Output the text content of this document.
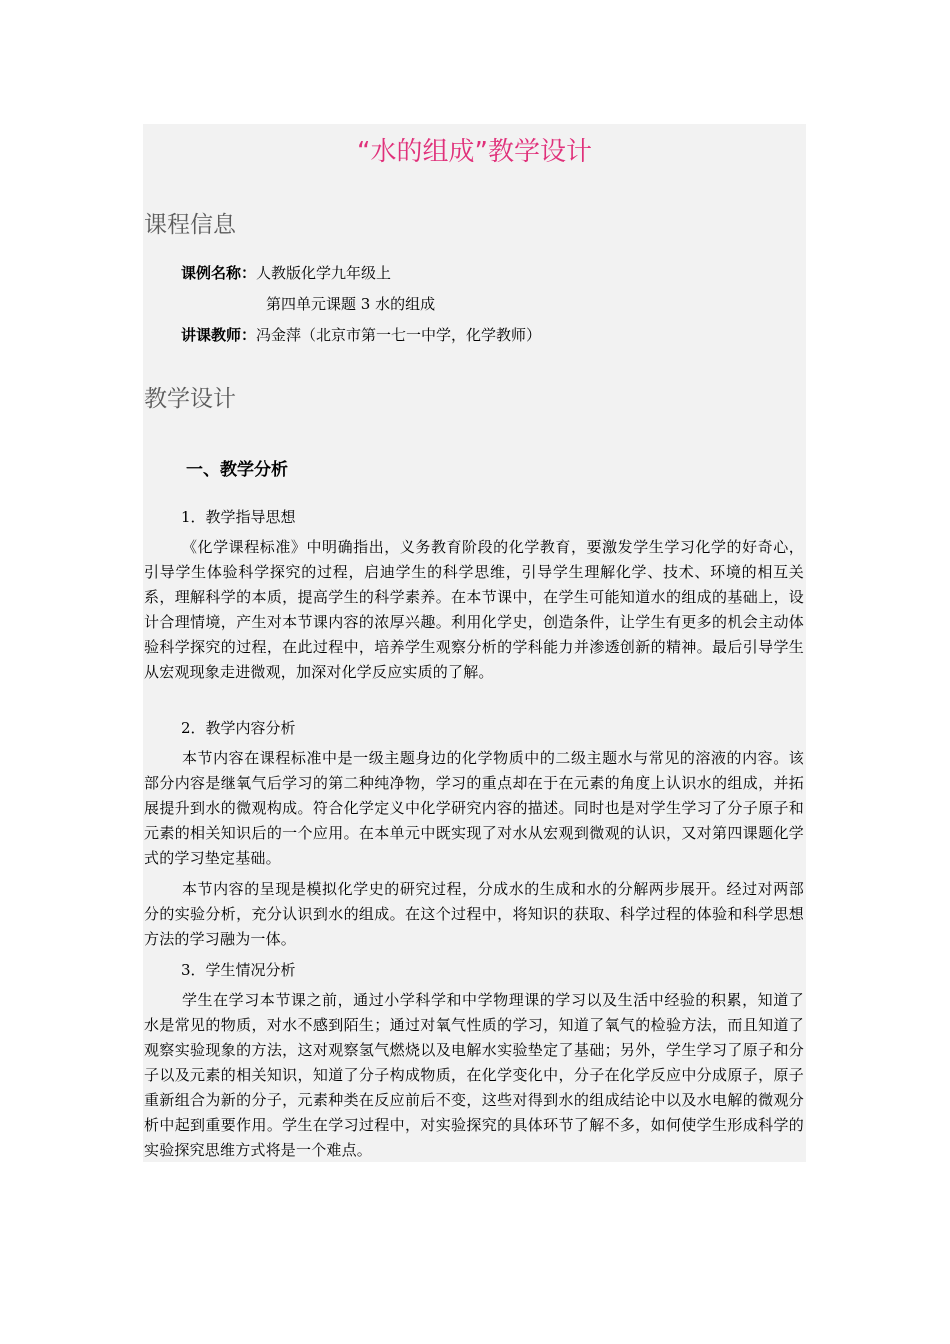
“水的组成”教学设计
课程信息
课例名称：人教版化学九年级上
第四单元课题 3 水的组成
讲课教师：冯金萍（北京市第一七一中学，化学教师）
教学设计
一、教学分析

1．教学指导思想

《化学课程标准》中明确指出，义务教育阶段的化学教育，要激发学生学习化学的好奇心，引导学生体验科学探究的过程，启迪学生的科学思维，引导学生理解化学、技术、环境的相互关系，理解科学的本质，提高学生的科学素养。在本节课中，在学生可能知道水的组成的基础上，设计合理情境，产生对本节课内容的浓厚兴趣。利用化学史，创造条件，让学生有更多的机会主动体验科学探究的过程，在此过程中，培养学生观察分析的学科能力并渗透创新的精神。最后引导学生从宏观现象走进微观，加深对化学反应实质的了解。

2．教学内容分析

本节内容在课程标准中是一级主题身边的化学物质中的二级主题水与常见的溶液的内容。该部分内容是继氧气后学习的第二种纯净物，学习的重点却在于在元素的角度上认识水的组成，并拓展提升到水的微观构成。符合化学定义中化学研究内容的描述。同时也是对学生学习了分子原子和元素的相关知识后的一个应用。在本单元中既实现了对水从宏观到微观的认识，又对第四课题化学式的学习垫定基础。

本节内容的呈现是模拟化学史的研究过程，分成水的生成和水的分解两步展开。经过对两部分的实验分析，充分认识到水的组成。在这个过程中，将知识的获取、科学过程的体验和科学思想方法的学习融为一体。

3．学生情况分析

学生在学习本节课之前，通过小学科学和中学物理课的学习以及生活中经验的积累，知道了水是常见的物质，对水不感到陌生；通过对氧气性质的学习，知道了氧气的检验方法，而且知道了观察实验现象的方法，这对观察氢气燃烧以及电解水实验垫定了基础；另外，学生学习了原子和分子以及元素的相关知识，知道了分子构成物质，在化学变化中，分子在化学反应中分成原子，原子重新组合为新的分子，元素种类在反应前后不变，这些对得到水的组成结论中以及水电解的微观分析中起到重要作用。学生在学习过程中，对实验探究的具体环节了解不多，如何使学生形成科学的实验探究思维方式将是一个难点。
